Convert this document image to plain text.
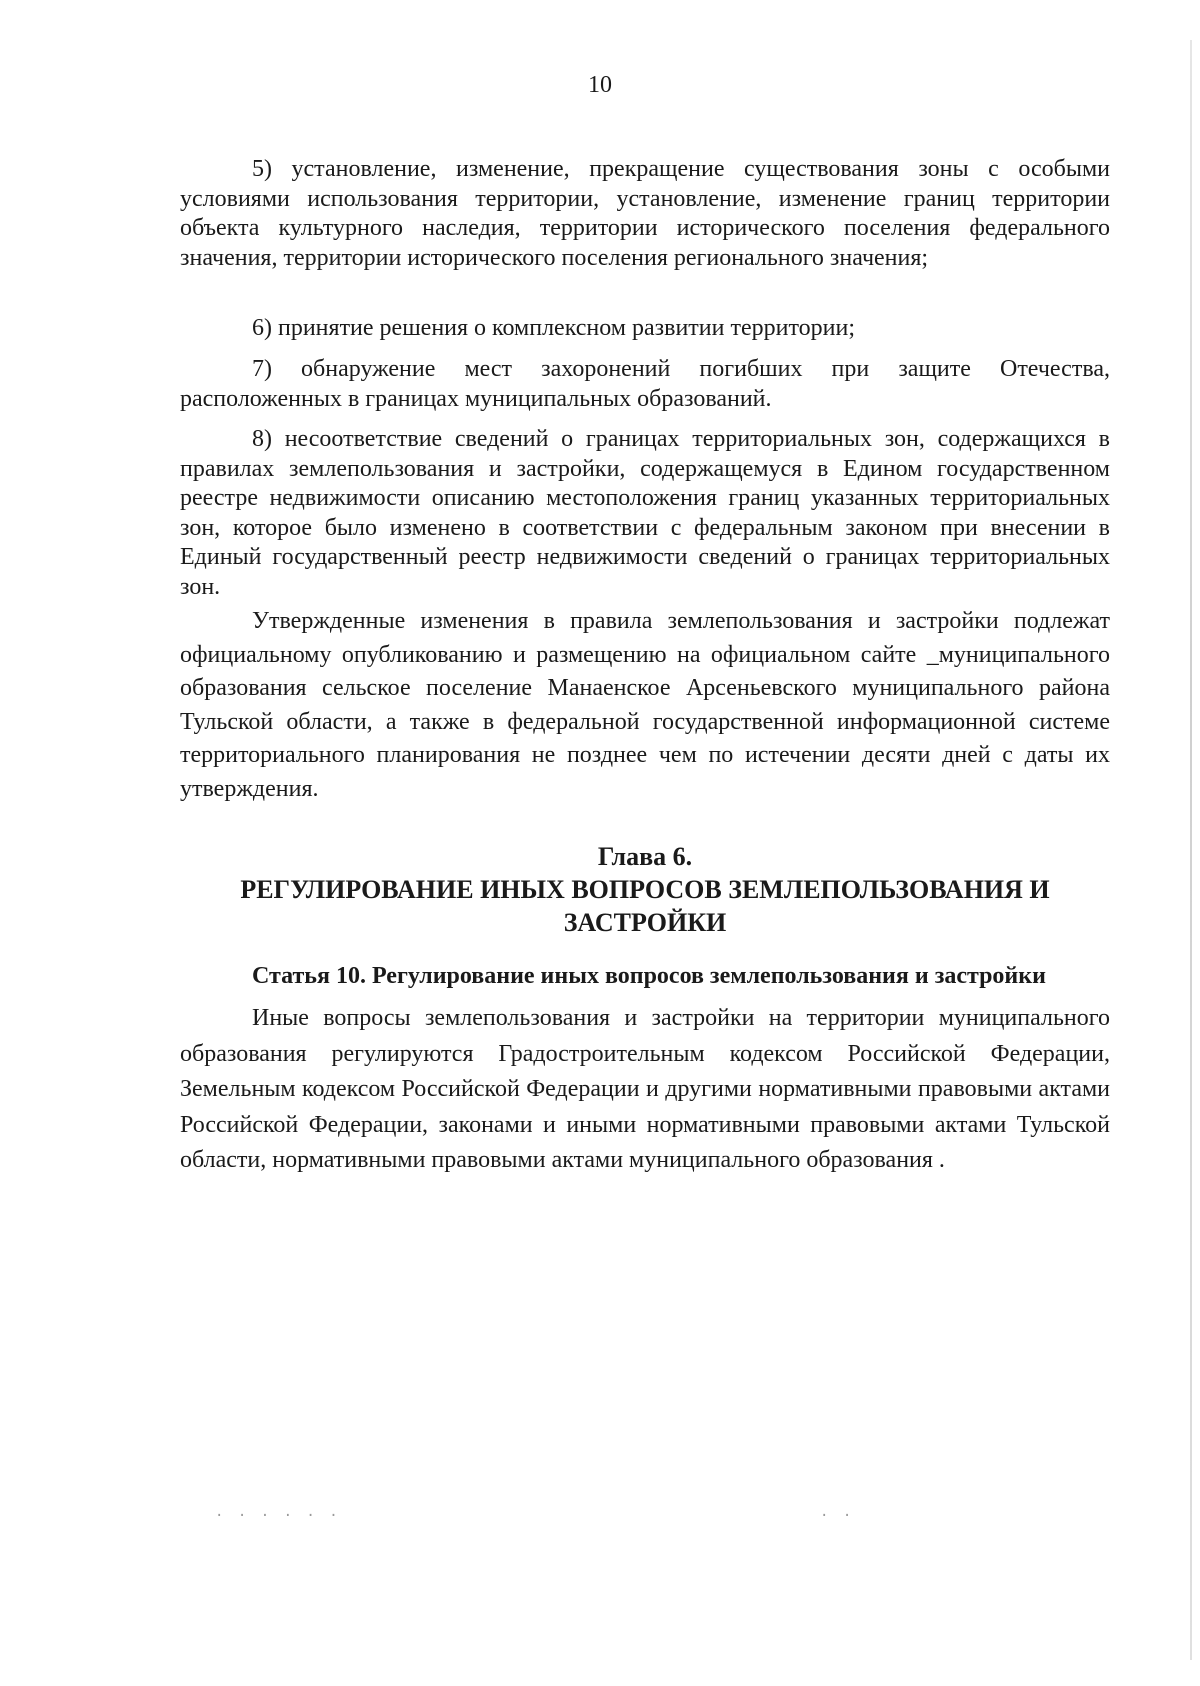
10

5) установление, изменение, прекращение существования зоны с особыми условиями использования территории, установление, изменение границ территории объекта культурного наследия, территории исторического поселения федерального значения, территории исторического поселения регионального значения;

6) принятие решения о комплексном развитии территории;

7) обнаружение мест захоронений погибших при защите Отечества, расположенных в границах муниципальных образований.

8) несоответствие сведений о границах территориальных зон, содержащихся в правилах землепользования и застройки, содержащемуся в Едином государственном реестре недвижимости описанию местоположения границ указанных территориальных зон, которое было изменено в соответствии с федеральным законом при внесении в Единый государственный реестр недвижимости сведений о границах территориальных зон.

Утвержденные изменения в правила землепользования и застройки подлежат официальному опубликованию и размещению на официальном сайте _муниципального образования сельское поселение Манаенское Арсеньевского муниципального района Тульской области, а также в федеральной государственной информационной системе территориального планирования не позднее чем по истечении десяти дней с даты их утверждения.

Глава 6.
РЕГУЛИРОВАНИЕ ИНЫХ ВОПРОСОВ ЗЕМЛЕПОЛЬЗОВАНИЯ И ЗАСТРОЙКИ

Статья 10. Регулирование иных вопросов землепользования и застройки

Иные вопросы землепользования и застройки на территории муниципального образования регулируются Градостроительным кодексом Российской Федерации, Земельным кодексом Российской Федерации и другими нормативными правовыми актами Российской Федерации, законами и иными нормативными правовыми актами Тульской области, нормативными правовыми актами муниципального образования .

· · · · · ·	· ·
